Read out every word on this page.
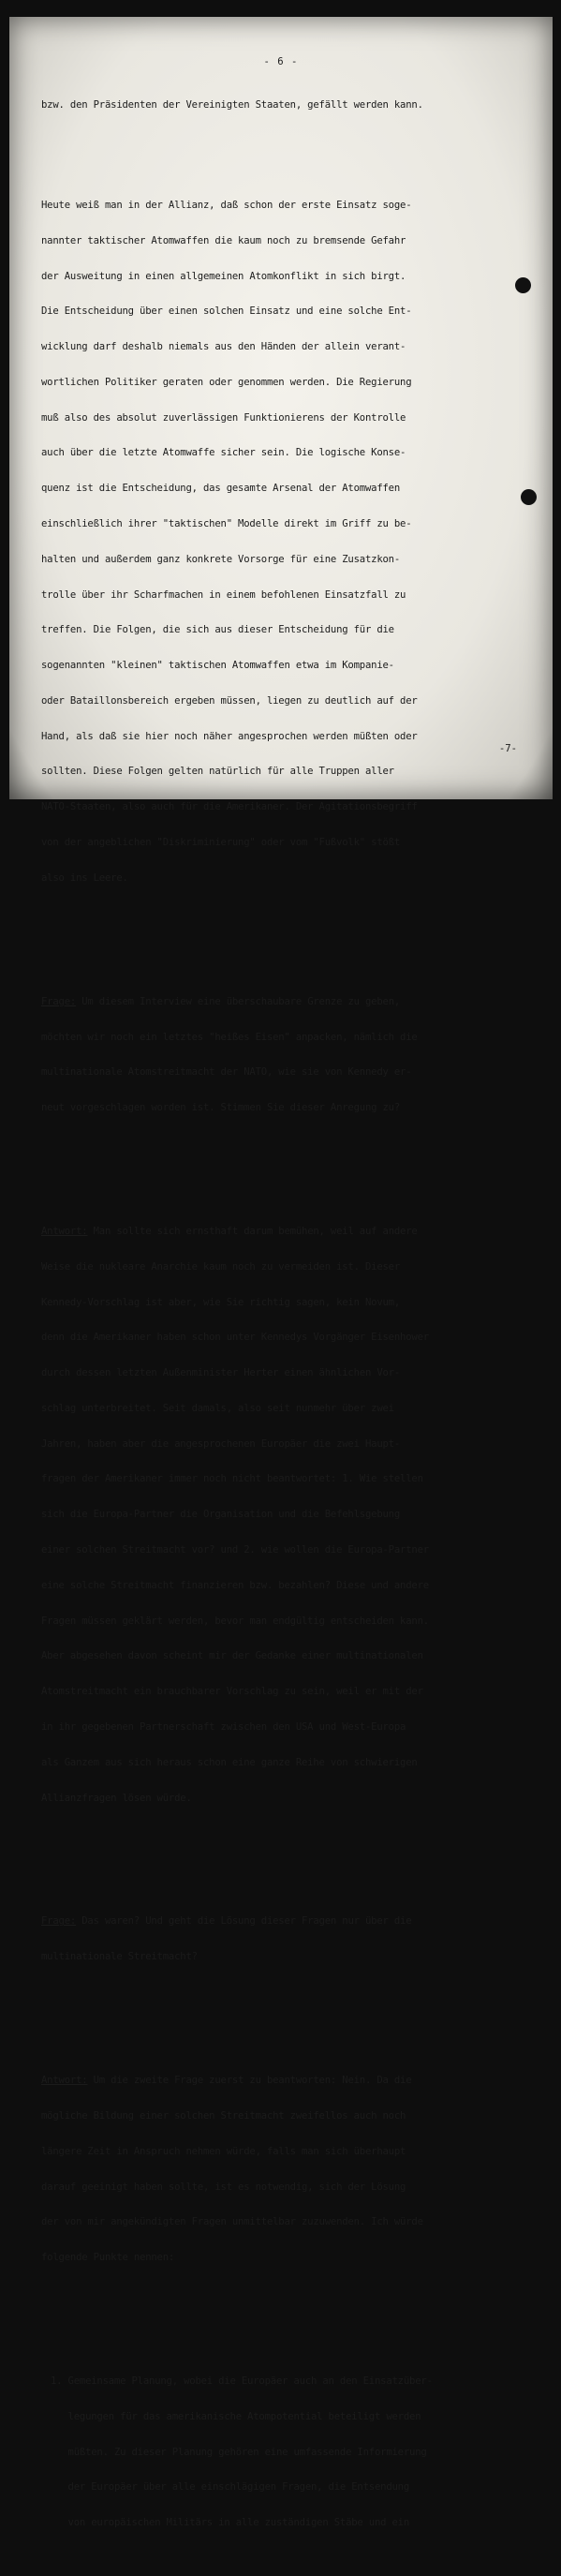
- 6 -

bzw. den Präsidenten der Vereinigten Staaten, gefällt werden kann.

Heute weiß man in der Allianz, daß schon der erste Einsatz soge-

nannter taktischer Atomwaffen die kaum noch zu bremsende Gefahr

der Ausweitung in einen allgemeinen Atomkonflikt in sich birgt.

Die Entscheidung über einen solchen Einsatz und eine solche Ent-

wicklung darf deshalb niemals aus den Händen der allein verant-

wortlichen Politiker geraten oder genommen werden. Die Regierung

muß also des absolut zuverlässigen Funktionierens der Kontrolle

auch über die letzte Atomwaffe sicher sein. Die logische Konse-

quenz ist die Entscheidung, das gesamte Arsenal der Atomwaffen

einschließlich ihrer "taktischen" Modelle direkt im Griff zu be-

halten und außerdem ganz konkrete Vorsorge für eine Zusatzkon-

trolle über ihr Scharfmachen in einem befohlenen Einsatzfall zu

treffen. Die Folgen, die sich aus dieser Entscheidung für die

sogenannten "kleinen" taktischen Atomwaffen etwa im Kompanie-

oder Bataillonsbereich ergeben müssen, liegen zu deutlich auf der

Hand, als daß sie hier noch näher angesprochen werden müßten oder

sollten. Diese Folgen gelten natürlich für alle Truppen aller

NATO-Staaten, also auch für die Amerikaner. Der Agitationsbegriff

von der angeblichen "Diskriminierung" oder vom "Fußvolk" stößt

also ins Leere.

Frage: Um diesem Interview eine überschaubare Grenze zu geben,

möchten wir noch ein letztes "heißes Eisen" anpacken, nämlich die

multinationale Atomstreitmacht der NATO, wie sie von Kennedy er-

neut vorgeschlagen worden ist. Stimmen Sie dieser Anregung zu?

Antwort: Man sollte sich ernsthaft darum bemühen, weil auf andere

Weise die nukleare Anarchie kaum noch zu vermeiden ist. Dieser

Kennedy-Vorschlag ist aber, wie Sie richtig sagen, kein Novum,

denn die Amerikaner haben schon unter Kennedys Vorgänger Eisenhower

durch dessen letzten Außenminister Herter einen ähnlichen Vor-

schlag unterbreitet. Seit damals, also seit nunmehr über zwei

Jahren, haben aber die angesprochenen Europäer die zwei Haupt-

fragen der Amerikaner immer noch nicht beantwortet: 1. Wie stellen

sich die Europa-Partner die Organisation und die Befehlsgebung

einer solchen Streitmacht vor? und 2. wie wollen die Europa-Partner

eine solche Streitmacht finanzieren bzw. bezahlen? Diese und andere

Fragen müssen geklärt werden, bevor man endgültig entscheiden kann.

Aber abgesehen davon scheint mir der Gedanke einer multinationalen

Atomstreitmacht ein brauchbarer Vorschlag zu sein, weil er mit der

in ihr gegebenen Partnerschaft zwischen den USA und West-Europa

als Ganzem aus sich heraus schon eine ganze Reihe von schwierigen

Allianzfragen lösen würde.

Frage: Das waren? Und geht die Lösung dieser Fragen nur über die

multinationale Streitmacht?

Antwort: Um die zweite Frage zuerst zu beantworten: Nein. Da die

mögliche Bildung einer solchen Streitmacht zweifellos auch noch

längere Zeit in Anspruch nehmen würde, falls man sich überhaupt

darauf geeinigt haben sollte, ist es notwendig, sich der Lösung

der von mir angekündigten Fragen unmittelbar zuzuwenden. Ich würde

folgende Punkte nennen:

1. Gemeinsame Planung, wobei die Europäer auch an den Einsatzüber-

legungen für das amerikanische Atompotential beteiligt werden

müßten. Zu dieser Planung gehören eine umfassende Informierung

der Europäer über alle einschlägigen Fragen, die Entsendung

von europäischen Militärs in alle zuständigen Stäbe und ein

-7-
